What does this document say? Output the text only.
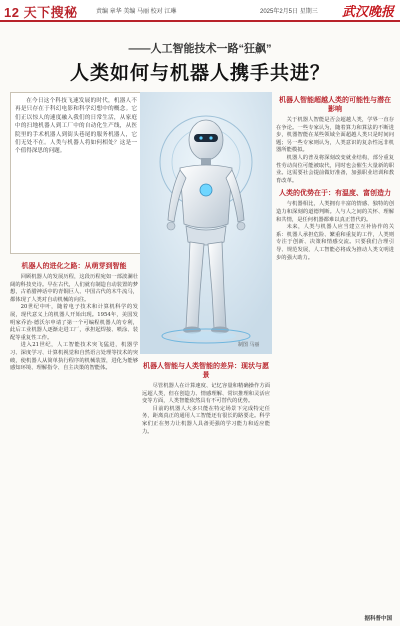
12 天下搜秘	责编 章华 美编 马丽 校对 江琳	2025年2月5日 星期三 武汉晚报
——人工智能技术一路“狂飙”
人类如何与机器人携手共进？

在今日这个科技飞速发展的时代，机器人不再是只存在于科幻电影和科学幻想中的概念。它们正以惊人的速度融入我们的日常生活，从家庭中的扫地机器人到工厂中的自动化生产线，从医院里的手术机器人到街头巷尾的服务机器人，它们无处不在。人类与机器人将如何相处？这是一个值得深思的问题。

制图 马丽
机器人的进化之路：从萌芽到智能

回顾机器人的发展历程，这段历程宛如一部波澜壮阔的科技史诗。早在古代，人们就有制造自动装置的梦想，古希腊神话中的青铜巨人、中国古代的木牛流马，都体现了人类对自动机械的向往。

20世纪中叶，随着电子技术和计算机科学的发展，现代意义上的机器人开始出现。1954年，美国发明家乔治·德沃尔申请了第一个可编程机器人的专利，此后工业机器人逐渐走进工厂，承担起焊接、喷涂、装配等重复性工作。

进入21世纪，人工智能技术突飞猛进，机器学习、深度学习、计算机视觉和自然语言处理等技术的突破，使机器人从简单执行程序的机械装置，进化为能够感知环境、理解指令、自主决策的智能体。	机器人智能与人类智能的差异：现状与愿景

尽管机器人在计算速度、记忆容量和精确操作方面远超人类，但在创造力、情感理解、常识推理和灵活应变等方面，人类智能依然具有不可替代的优势。

目前的机器人大多只能在特定场景下完成特定任务，距离真正的通用人工智能还有很长的路要走。科学家们正在努力让机器人具备更强的学习能力和适应能力。

机器人智能超越人类的可能性与潜在影响

关于机器人智能是否会超越人类，学界一直存在争论。一些专家认为，随着算力和算法的不断进步，机器智能在某些领域全面超越人类只是时间问题；另一些专家则认为，人类意识的复杂性远非机器所能模拟。

机器人的普及将深刻改变就业结构，部分重复性劳动岗位可能被取代，同时也会催生大量新的职业。这需要社会提前做好准备，加强职业培训和教育改革。

人类的优势在于：有温度、富创造力

与机器相比，人类拥有丰富的情感、独特的创造力和深刻的道德判断。人与人之间的关怀、理解和共情，是任何机器都难以真正替代的。

未来，人类与机器人应当建立互补协作的关系：机器人承担危险、繁重和重复的工作，人类则专注于创新、决策和情感交流。只要我们合理引导、规范发展，人工智能必将成为推动人类文明进步的强大助力。

据科普中国
